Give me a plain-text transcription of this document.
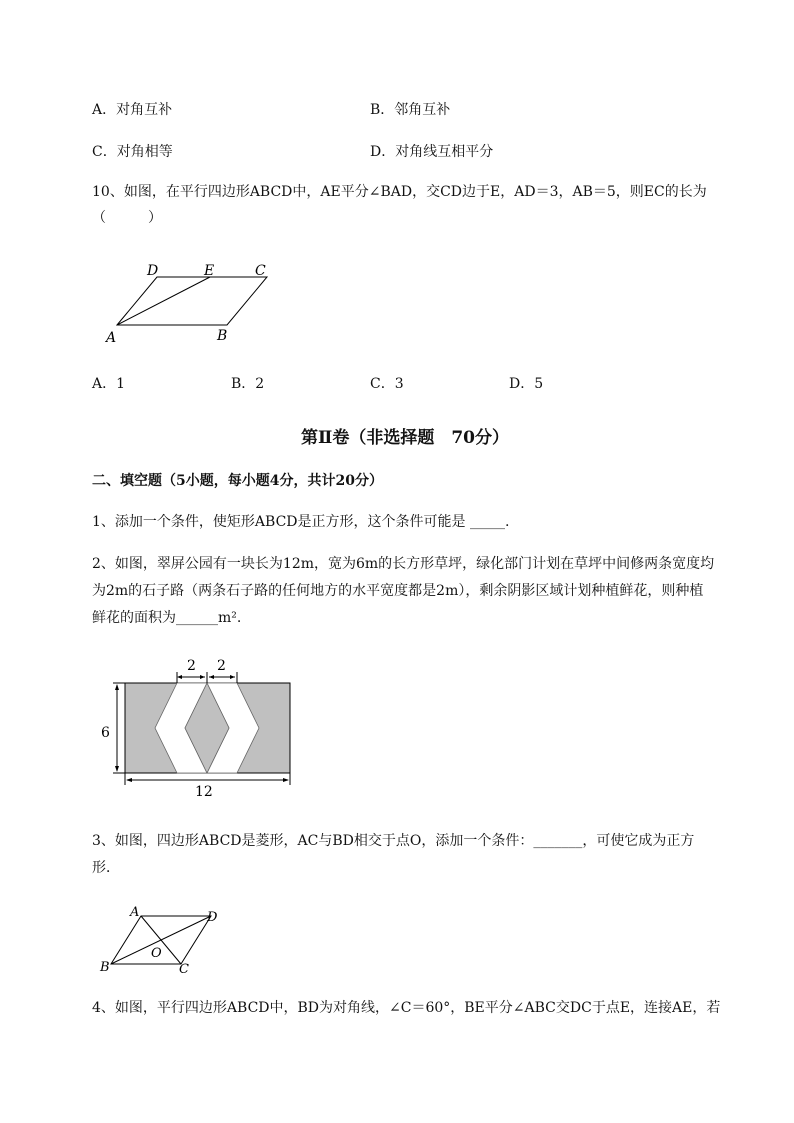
A．对角互补	B．邻角互补
C．对角相等	D．对角线互相平分
10、如图，在平行四边形ABCD中，AE平分∠BAD，交CD边于E，AD＝3，AB＝5，则EC的长为
（　　　）
D	E	C
A	B
A．1	B．2	C．3	D．5
第Ⅱ卷（非选择题　70分）
二、填空题（5小题，每小题4分，共计20分）
1、添加一个条件，使矩形ABCD是正方形，这个条件可能是 _____.
2、如图，翠屏公园有一块长为12m，宽为6m的长方形草坪，绿化部门计划在草坪中间修两条宽度均
为2m的石子路（两条石子路的任何地方的水平宽度都是2m），剩余阴影区域计划种植鲜花，则种植
鲜花的面积为______m².
2 2
6
12
3、如图，四边形ABCD是菱形，AC与BD相交于点O，添加一个条件：_______，可使它成为正方
形．
A	D
B
O
C
4、如图，平行四边形ABCD中，BD为对角线，∠C＝60°，BE平分∠ABC交DC于点E，连接AE，若
